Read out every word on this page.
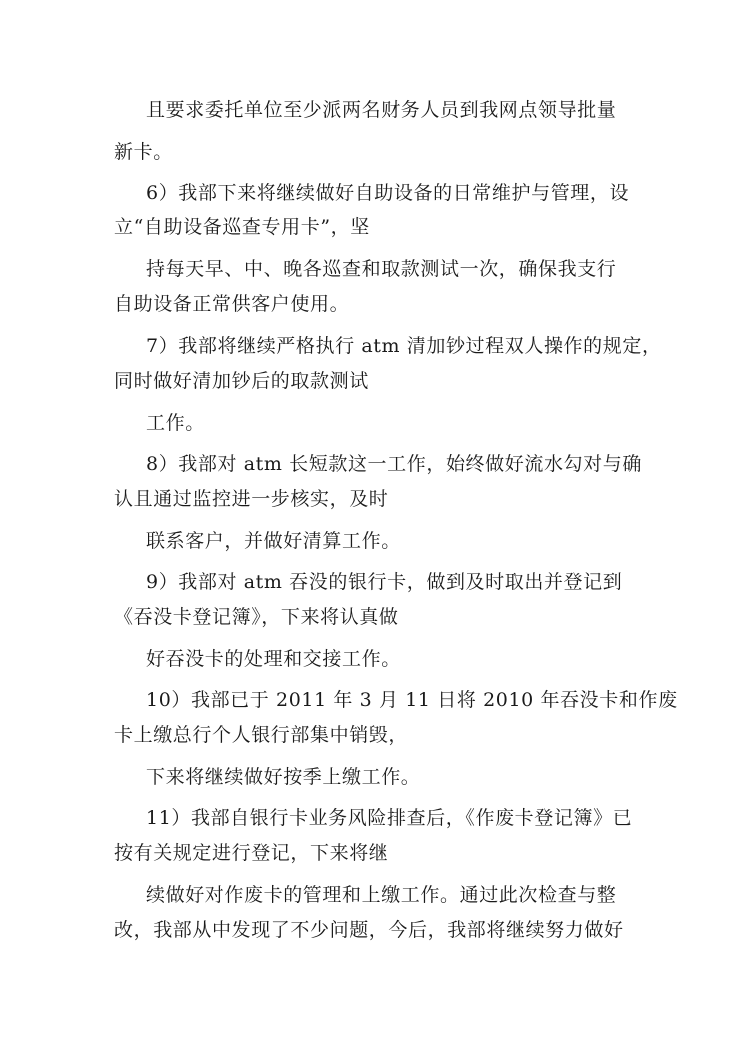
且要求委托单位至少派两名财务人员到我网点领导批量
新卡。
6）我部下来将继续做好自助设备的日常维护与管理，设
立“自助设备巡查专用卡”，坚
持每天早、中、晚各巡查和取款测试一次，确保我支行
自助设备正常供客户使用。
7）我部将继续严格执行 atm 清加钞过程双人操作的规定，
同时做好清加钞后的取款测试
工作。
8）我部对 atm 长短款这一工作，始终做好流水勾对与确
认且通过监控进一步核实，及时
联系客户，并做好清算工作。
9）我部对 atm 吞没的银行卡，做到及时取出并登记到
《吞没卡登记簿》，下来将认真做
好吞没卡的处理和交接工作。
10）我部已于 2011 年 3 月 11 日将 2010 年吞没卡和作废
卡上缴总行个人银行部集中销毁，
下来将继续做好按季上缴工作。
11）我部自银行卡业务风险排查后，《作废卡登记簿》已
按有关规定进行登记，下来将继
续做好对作废卡的管理和上缴工作。通过此次检查与整
改，我部从中发现了不少问题，今后，我部将继续努力做好
